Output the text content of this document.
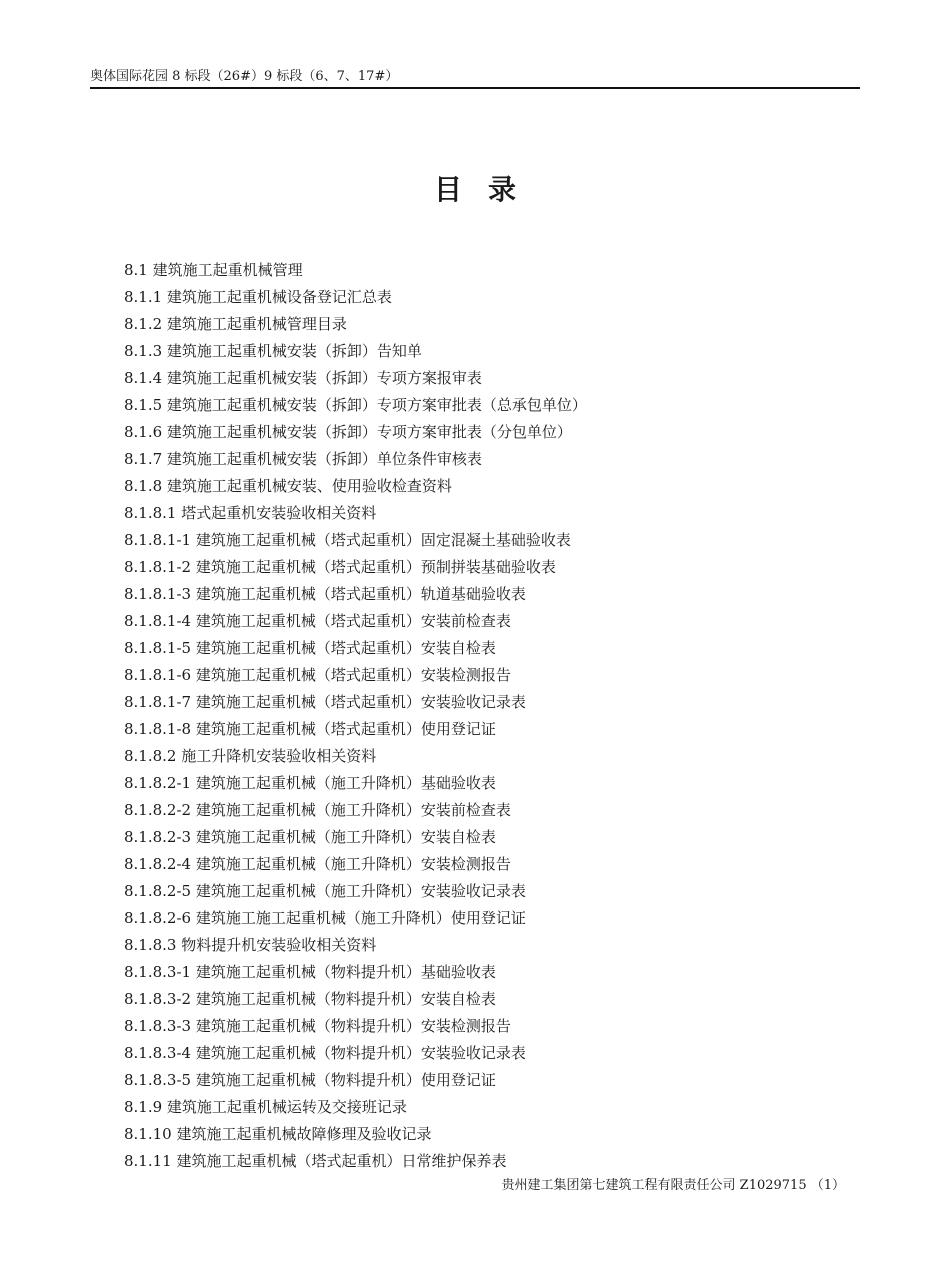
奥体国际花园 8 标段（26#）9 标段（6、7、17#）
目录
8.1 建筑施工起重机械管理
8.1.1 建筑施工起重机械设备登记汇总表
8.1.2 建筑施工起重机械管理目录
8.1.3 建筑施工起重机械安装（拆卸）告知单
8.1.4 建筑施工起重机械安装（拆卸）专项方案报审表
8.1.5 建筑施工起重机械安装（拆卸）专项方案审批表（总承包单位）
8.1.6 建筑施工起重机械安装（拆卸）专项方案审批表（分包单位）
8.1.7 建筑施工起重机械安装（拆卸）单位条件审核表
8.1.8 建筑施工起重机械安装、使用验收检查资料
8.1.8.1 塔式起重机安装验收相关资料
8.1.8.1-1 建筑施工起重机械（塔式起重机）固定混凝土基础验收表
8.1.8.1-2 建筑施工起重机械（塔式起重机）预制拼装基础验收表
8.1.8.1-3 建筑施工起重机械（塔式起重机）轨道基础验收表
8.1.8.1-4 建筑施工起重机械（塔式起重机）安装前检查表
8.1.8.1-5 建筑施工起重机械（塔式起重机）安装自检表
8.1.8.1-6 建筑施工起重机械（塔式起重机）安装检测报告
8.1.8.1-7 建筑施工起重机械（塔式起重机）安装验收记录表
8.1.8.1-8 建筑施工起重机械（塔式起重机）使用登记证
8.1.8.2 施工升降机安装验收相关资料
8.1.8.2-1 建筑施工起重机械（施工升降机）基础验收表
8.1.8.2-2 建筑施工起重机械（施工升降机）安装前检查表
8.1.8.2-3 建筑施工起重机械（施工升降机）安装自检表
8.1.8.2-4 建筑施工起重机械（施工升降机）安装检测报告
8.1.8.2-5 建筑施工起重机械（施工升降机）安装验收记录表
8.1.8.2-6 建筑施工施工起重机械（施工升降机）使用登记证
8.1.8.3 物料提升机安装验收相关资料
8.1.8.3-1 建筑施工起重机械（物料提升机）基础验收表
8.1.8.3-2 建筑施工起重机械（物料提升机）安装自检表
8.1.8.3-3 建筑施工起重机械（物料提升机）安装检测报告
8.1.8.3-4 建筑施工起重机械（物料提升机）安装验收记录表
8.1.8.3-5 建筑施工起重机械（物料提升机）使用登记证
8.1.9 建筑施工起重机械运转及交接班记录
8.1.10 建筑施工起重机械故障修理及验收记录
8.1.11 建筑施工起重机械（塔式起重机）日常维护保养表
贵州建工集团第七建筑工程有限责任公司 Z1029715 （1）
